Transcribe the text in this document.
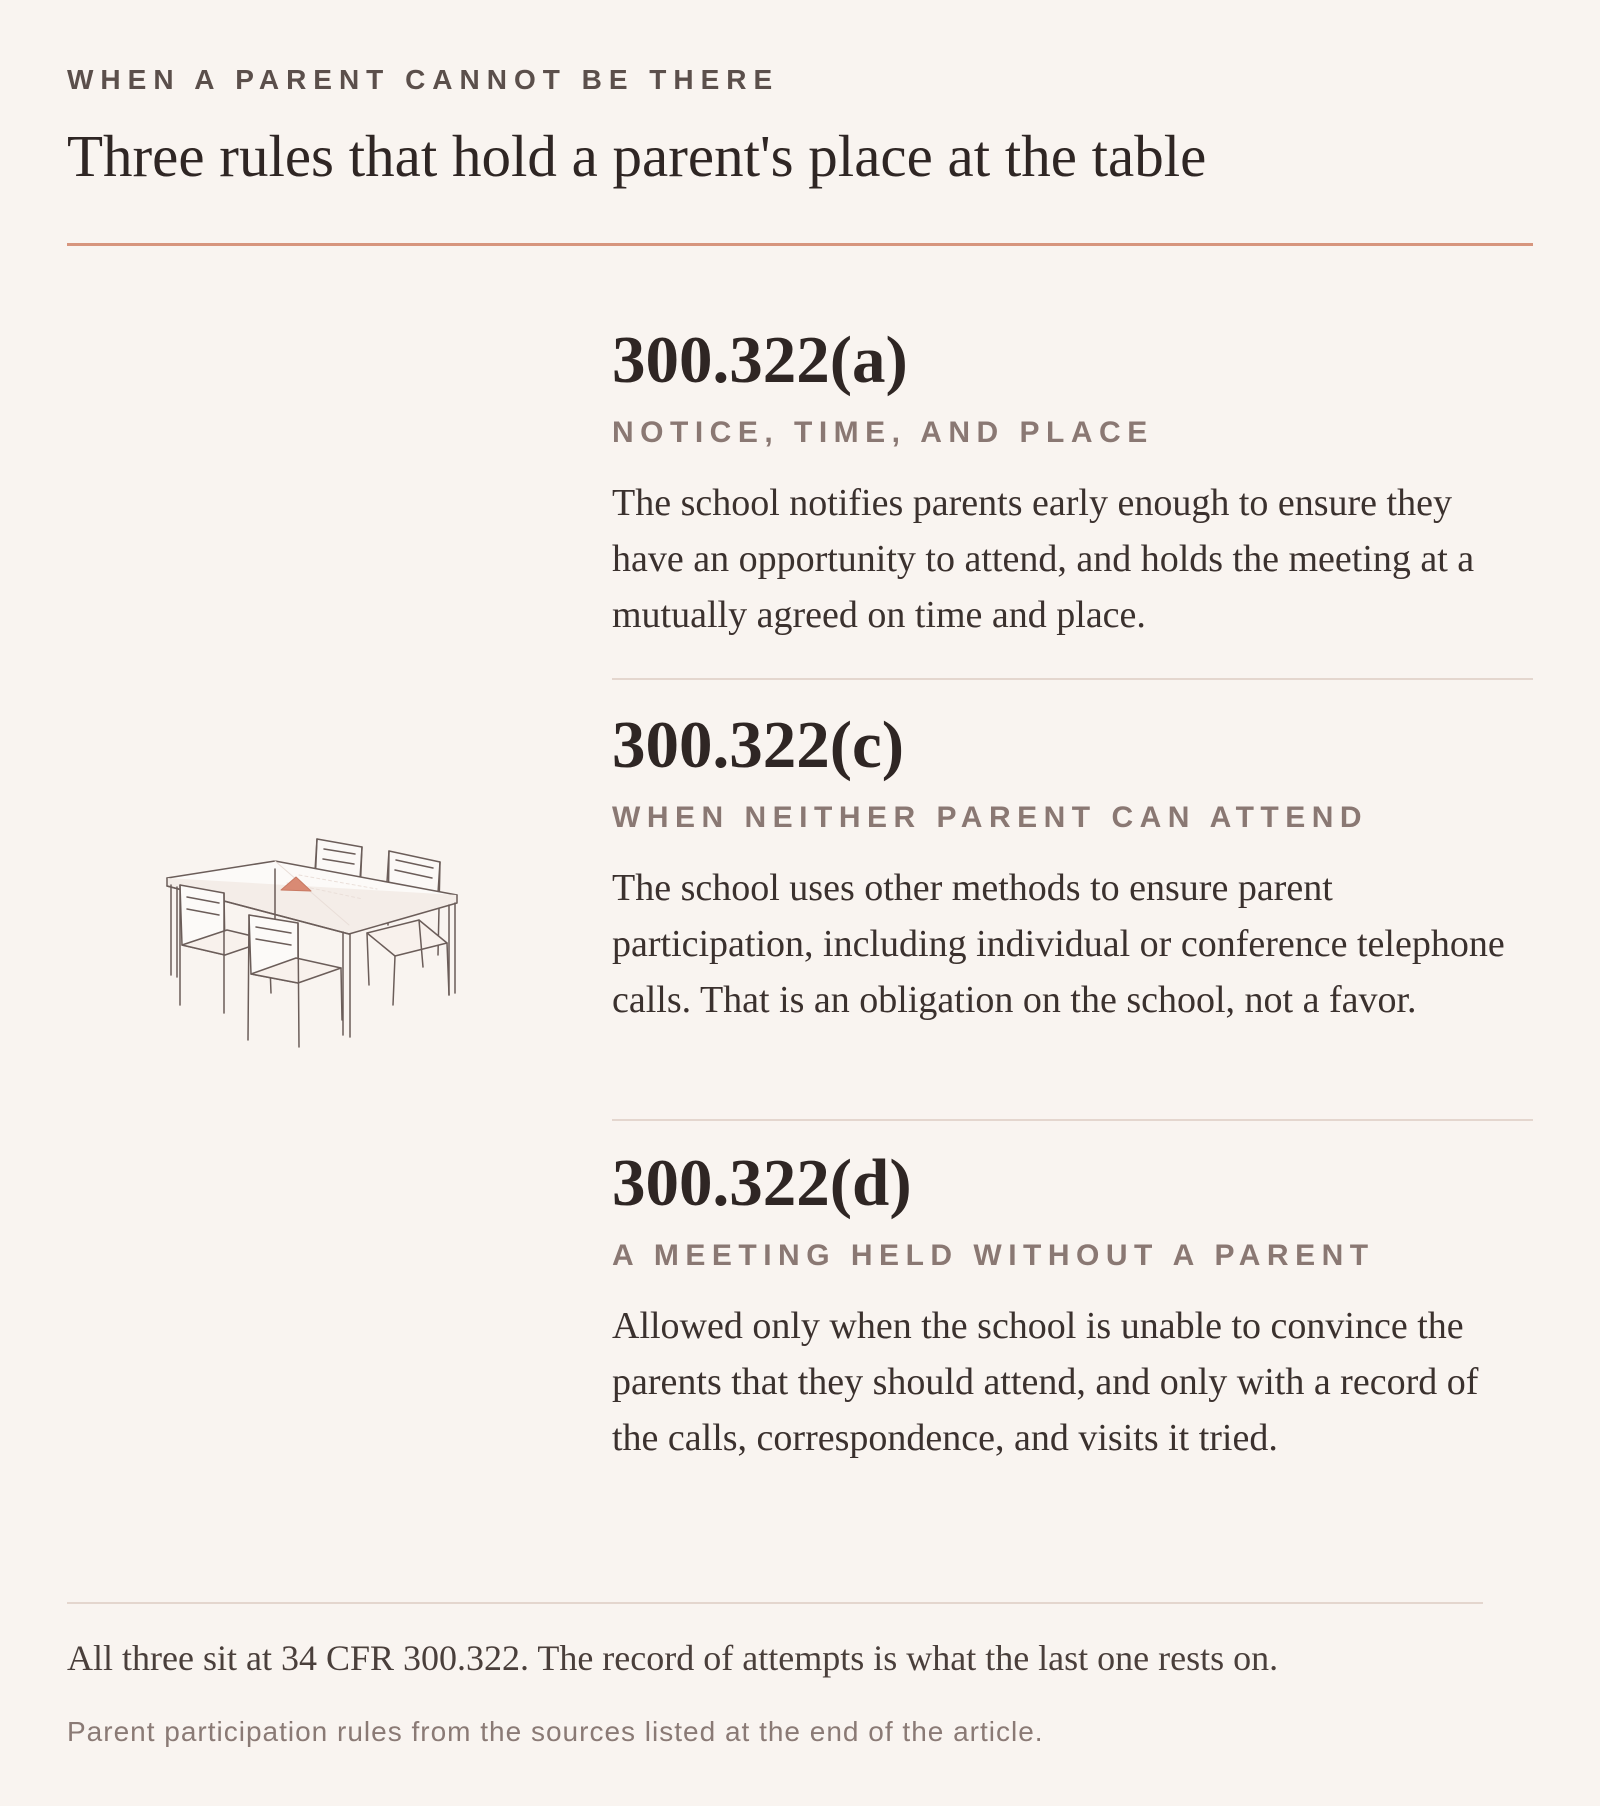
WHEN A PARENT CANNOT BE THERE
Three rules that hold a parent's place at the table
300.322(a)
NOTICE, TIME, AND PLACE

The school notifies parents early enough to ensure they have an opportunity to attend, and holds the meeting at a mutually agreed on time and place.

300.322(c)
WHEN NEITHER PARENT CAN ATTEND

The school uses other methods to ensure parent participation, including individual or conference telephone calls. That is an obligation on the school, not a favor.

300.322(d)
A MEETING HELD WITHOUT A PARENT

Allowed only when the school is unable to convince the parents that they should attend, and only with a record of the calls, correspondence, and visits it tried.

All three sit at 34 CFR 300.322. The record of attempts is what the last one rests on.

Parent participation rules from the sources listed at the end of the article.
